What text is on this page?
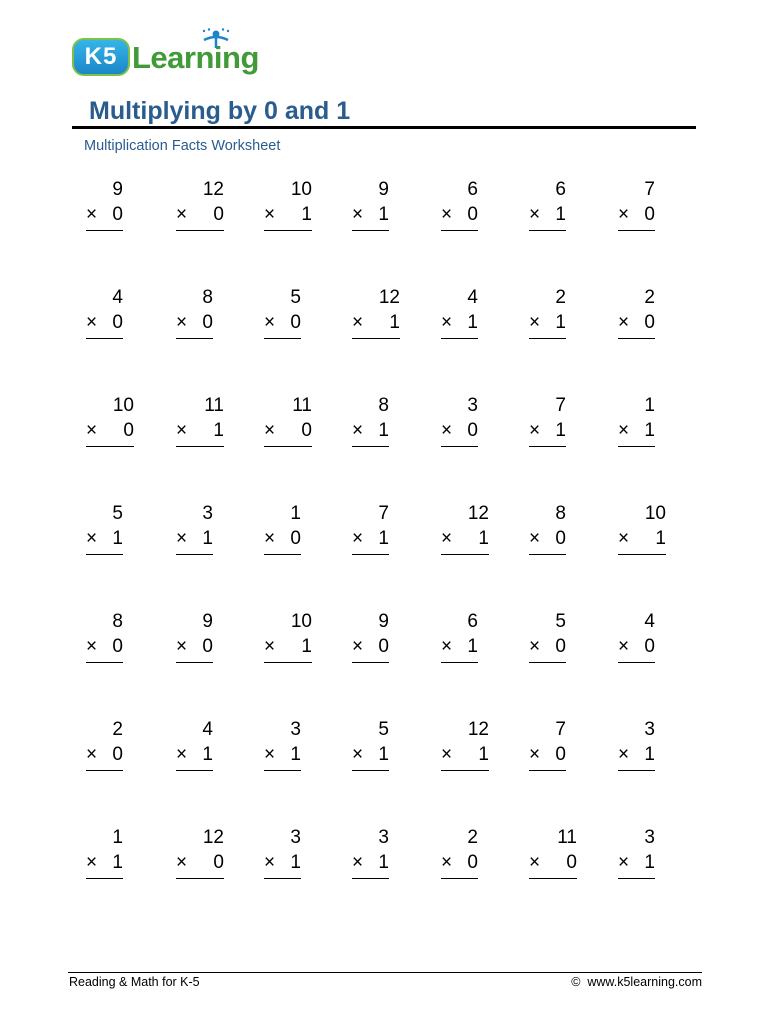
K5 Learning
Multiplying by 0 and 1
Multiplication Facts Worksheet
9
× 0
12
× 0
10
× 1
9
× 1
6
× 0
6
× 1
7
× 0
4
× 0
8
× 0
5
× 0
12
× 1
4
× 1
2
× 1
2
× 0
10
× 0
11
× 1
11
× 0
8
× 1
3
× 0
7
× 1
1
× 1
5
× 1
3
× 1
1
× 0
7
× 1
12
× 1
8
× 0
10
× 1
8
× 0
9
× 0
10
× 1
9
× 0
6
× 1
5
× 0
4
× 0
2
× 0
4
× 1
3
× 1
5
× 1
12
× 1
7
× 0
3
× 1
1
× 1
12
× 0
3
× 1
3
× 1
2
× 0
11
× 0
3
× 1
Reading & Math for K-5	©  www.k5learning.com
